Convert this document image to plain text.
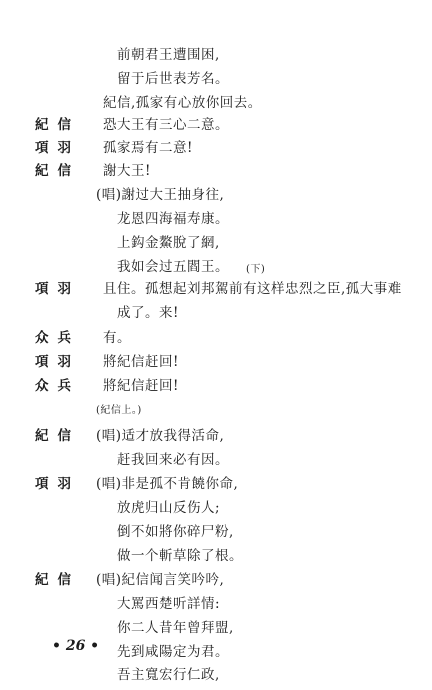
前朝君王遭围困,
留于后世表芳名。
紀信,孤家有心放你回去。
紀信 恐大王有三心二意。
項羽 孤家焉有二意!
紀信 謝大王!
(唱)謝过大王抽身往,
龙恩四海福寿康。
上鈎金鰲脫了網,
我如会过五閻王。 (下)
項羽 且住。孤想起刘邦駕前有这样忠烈之臣,孤大事难
成了。来!
众兵 有。
項羽 將紀信赶回!
众兵 將紀信赶回!
(紀信上。)
紀信 (唱)适才放我得活命,
赶我回来必有因。
項羽 (唱)非是孤不肯饒你命,
放虎归山反伤人;
倒不如將你碎尸粉,
做一个斬草除了根。
紀信 (唱)紀信闻言笑吟吟,
大罵西楚听詳情:
你二人昔年曾拜盟,
先到咸陽定为君。
吾主寬宏行仁政,
• 26 •
